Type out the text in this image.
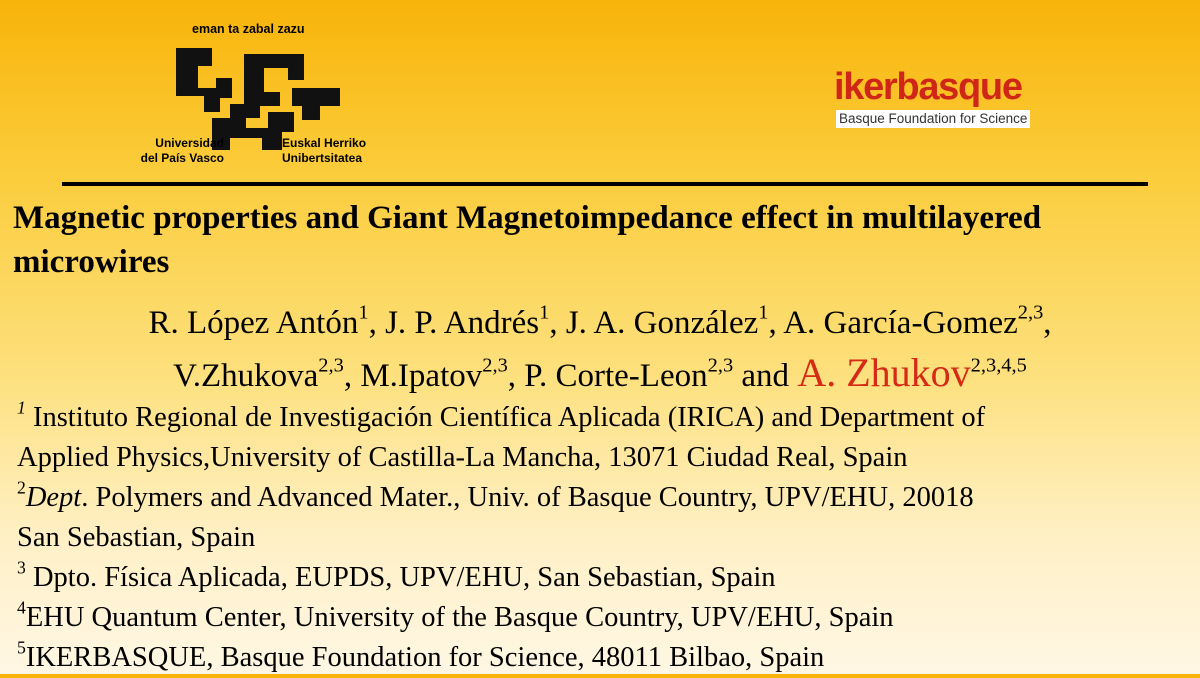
eman ta zabal zazu
Universidad
del País Vasco
Euskal Herriko
Unibertsitatea
ikerbasque
Basque Foundation for Science
Magnetic properties and Giant Magnetoimpedance effect in multilayered microwires
R. López Antón$^1$, J. P. Andrés$^1$, J. A. González$^1$, A. García-Gomez$^{2,3}$,
V.Zhukova$^{2,3}$, M.Ipatov$^{2,3}$, P. Corte-Leon$^{2,3}$ and A. Zhukov$^{2,3,4,5}$

$^1$ Instituto Regional de Investigación Científica Aplicada (IRICA) and Department of

Applied Physics,University of Castilla-La Mancha, 13071 Ciudad Real, Spain

$^2$Dept. Polymers and Advanced Mater., Univ. of Basque Country, UPV/EHU, 20018

San Sebastian, Spain

$^3$ Dpto. Física Aplicada, EUPDS, UPV/EHU, San Sebastian, Spain

$^4$EHU Quantum Center, University of the Basque Country, UPV/EHU, Spain

$^5$IKERBASQUE, Basque Foundation for Science, 48011 Bilbao, Spain
